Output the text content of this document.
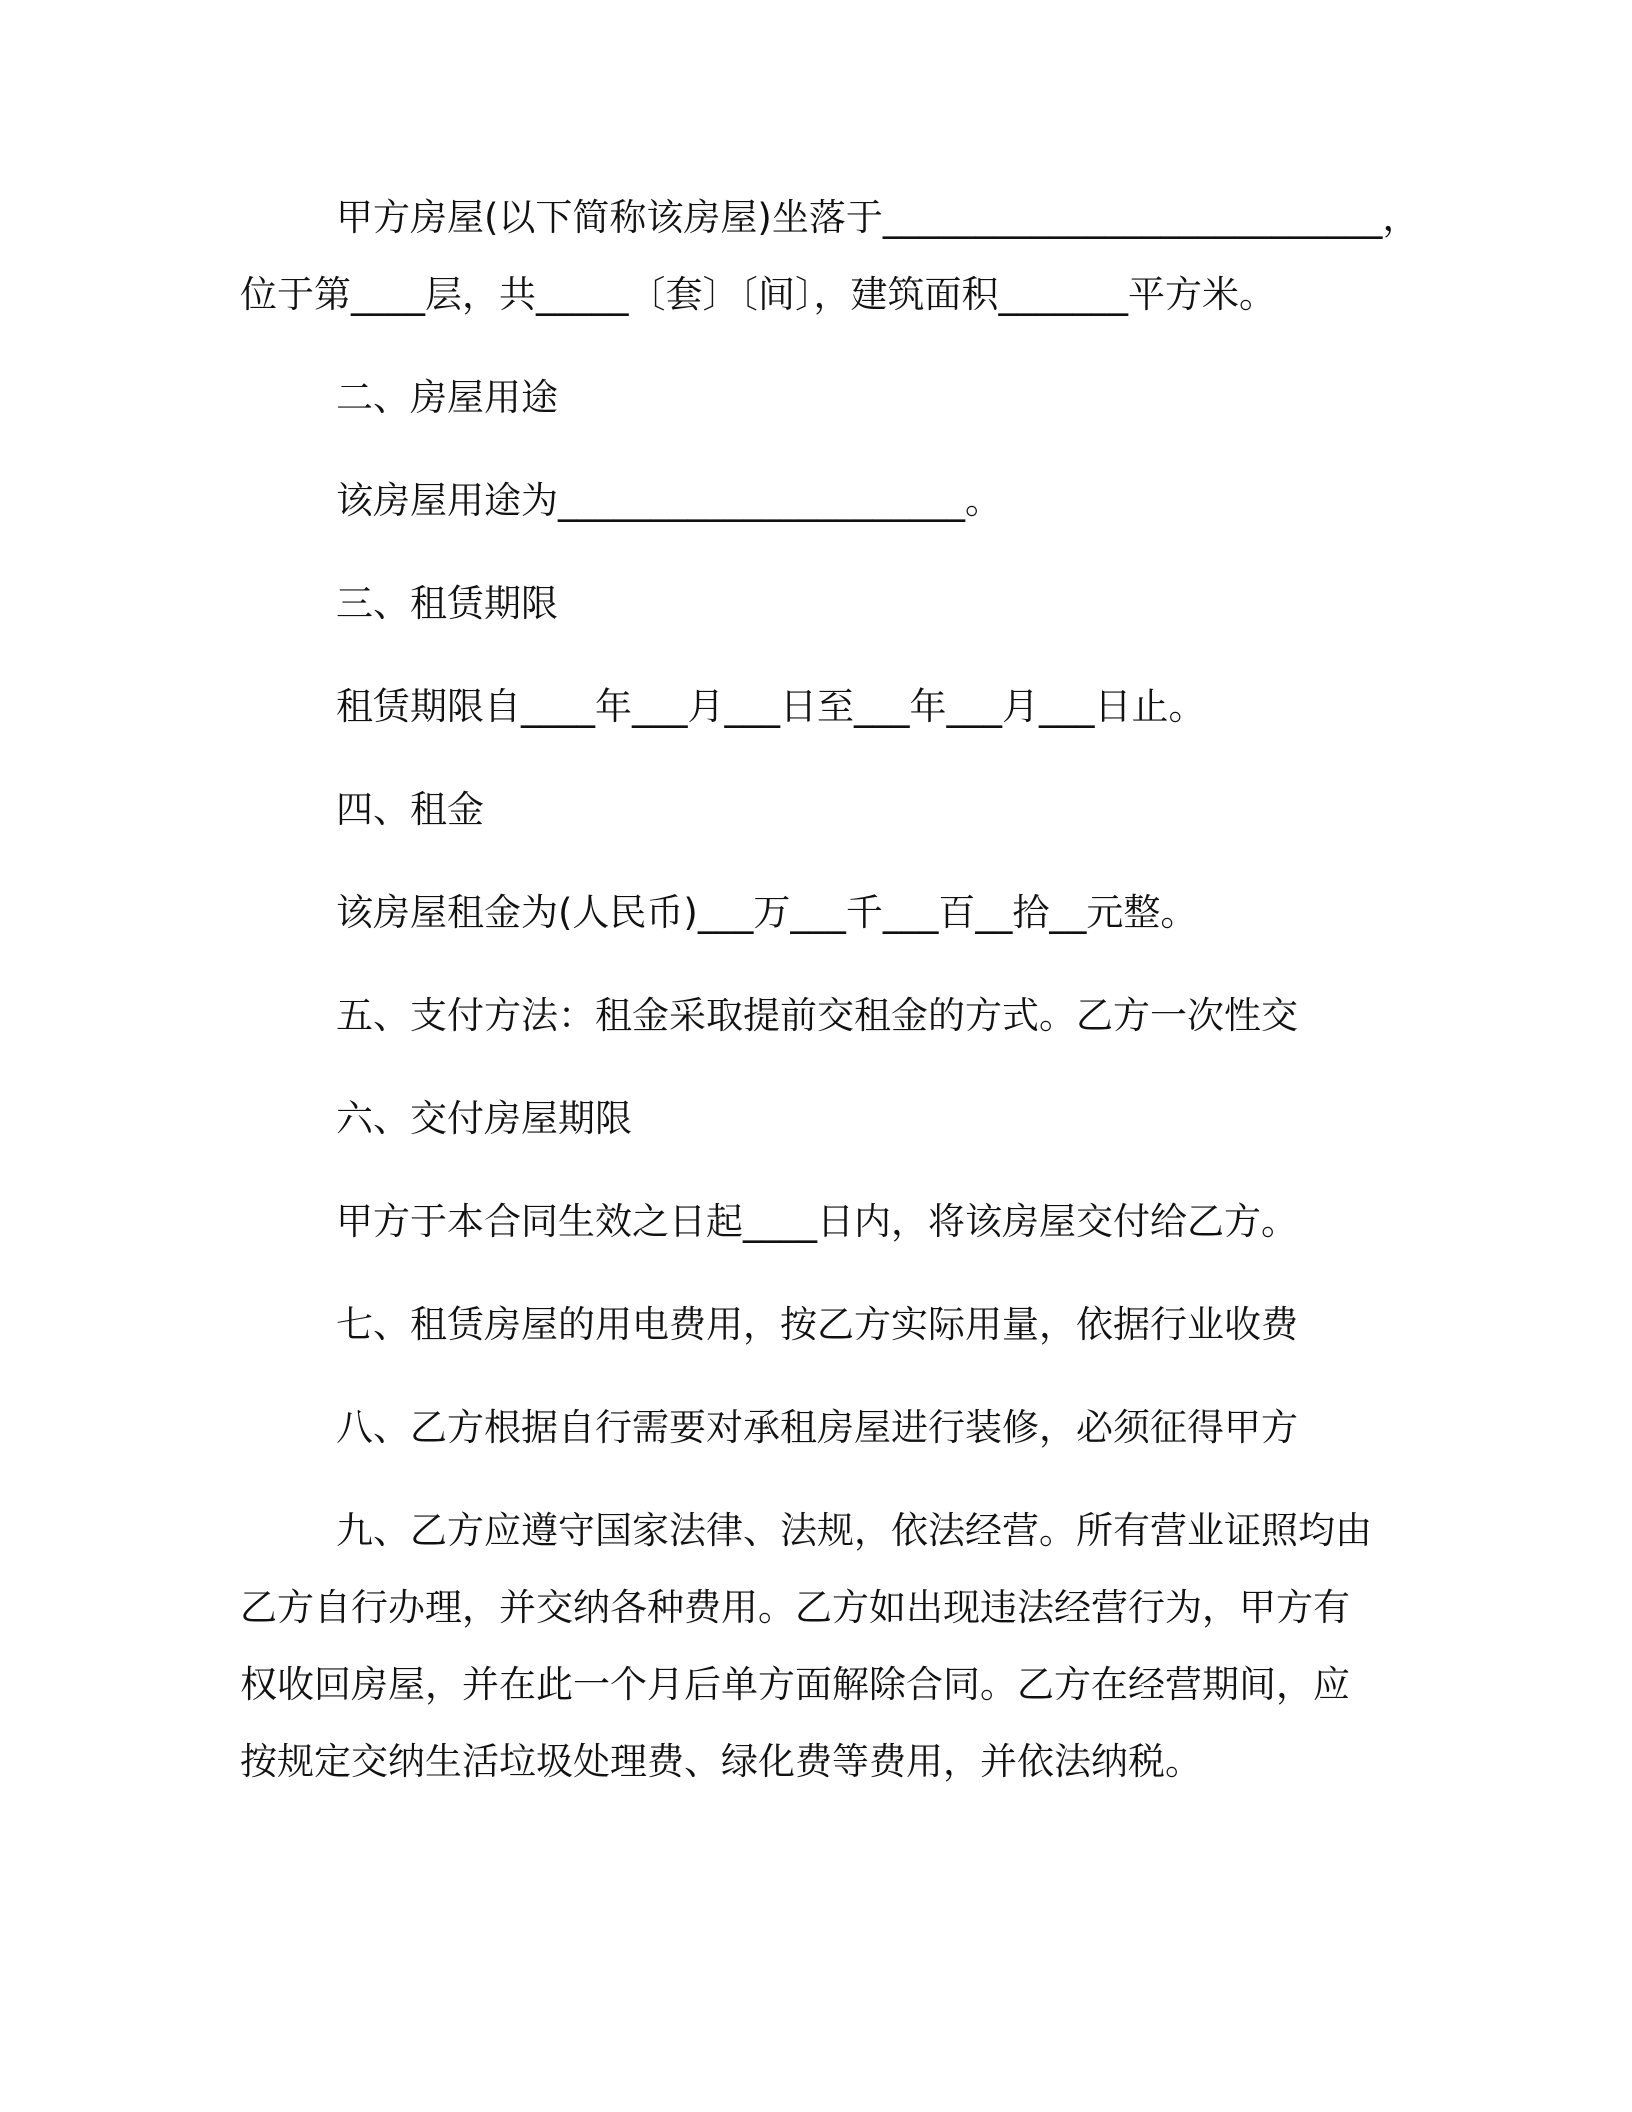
甲方房屋(以下简称该房屋)坐落于___________________________，
位于第____层，共_____〔套〕〔间〕，建筑面积_______平方米。
二、房屋用途
该房屋用途为______________________。
三、租赁期限
租赁期限自____年___月___日至___年___月___日止。
四、租金
该房屋租金为(人民币)___万___千___百__拾__元整。
五、支付方法：租金采取提前交租金的方式。乙方一次性交
六、交付房屋期限
甲方于本合同生效之日起____日内，将该房屋交付给乙方。
七、租赁房屋的用电费用，按乙方实际用量，依据行业收费
八、乙方根据自行需要对承租房屋进行装修，必须征得甲方
九、乙方应遵守国家法律、法规，依法经营。所有营业证照均由
乙方自行办理，并交纳各种费用。乙方如出现违法经营行为，甲方有
权收回房屋，并在此一个月后单方面解除合同。乙方在经营期间，应
按规定交纳生活垃圾处理费、绿化费等费用，并依法纳税。
